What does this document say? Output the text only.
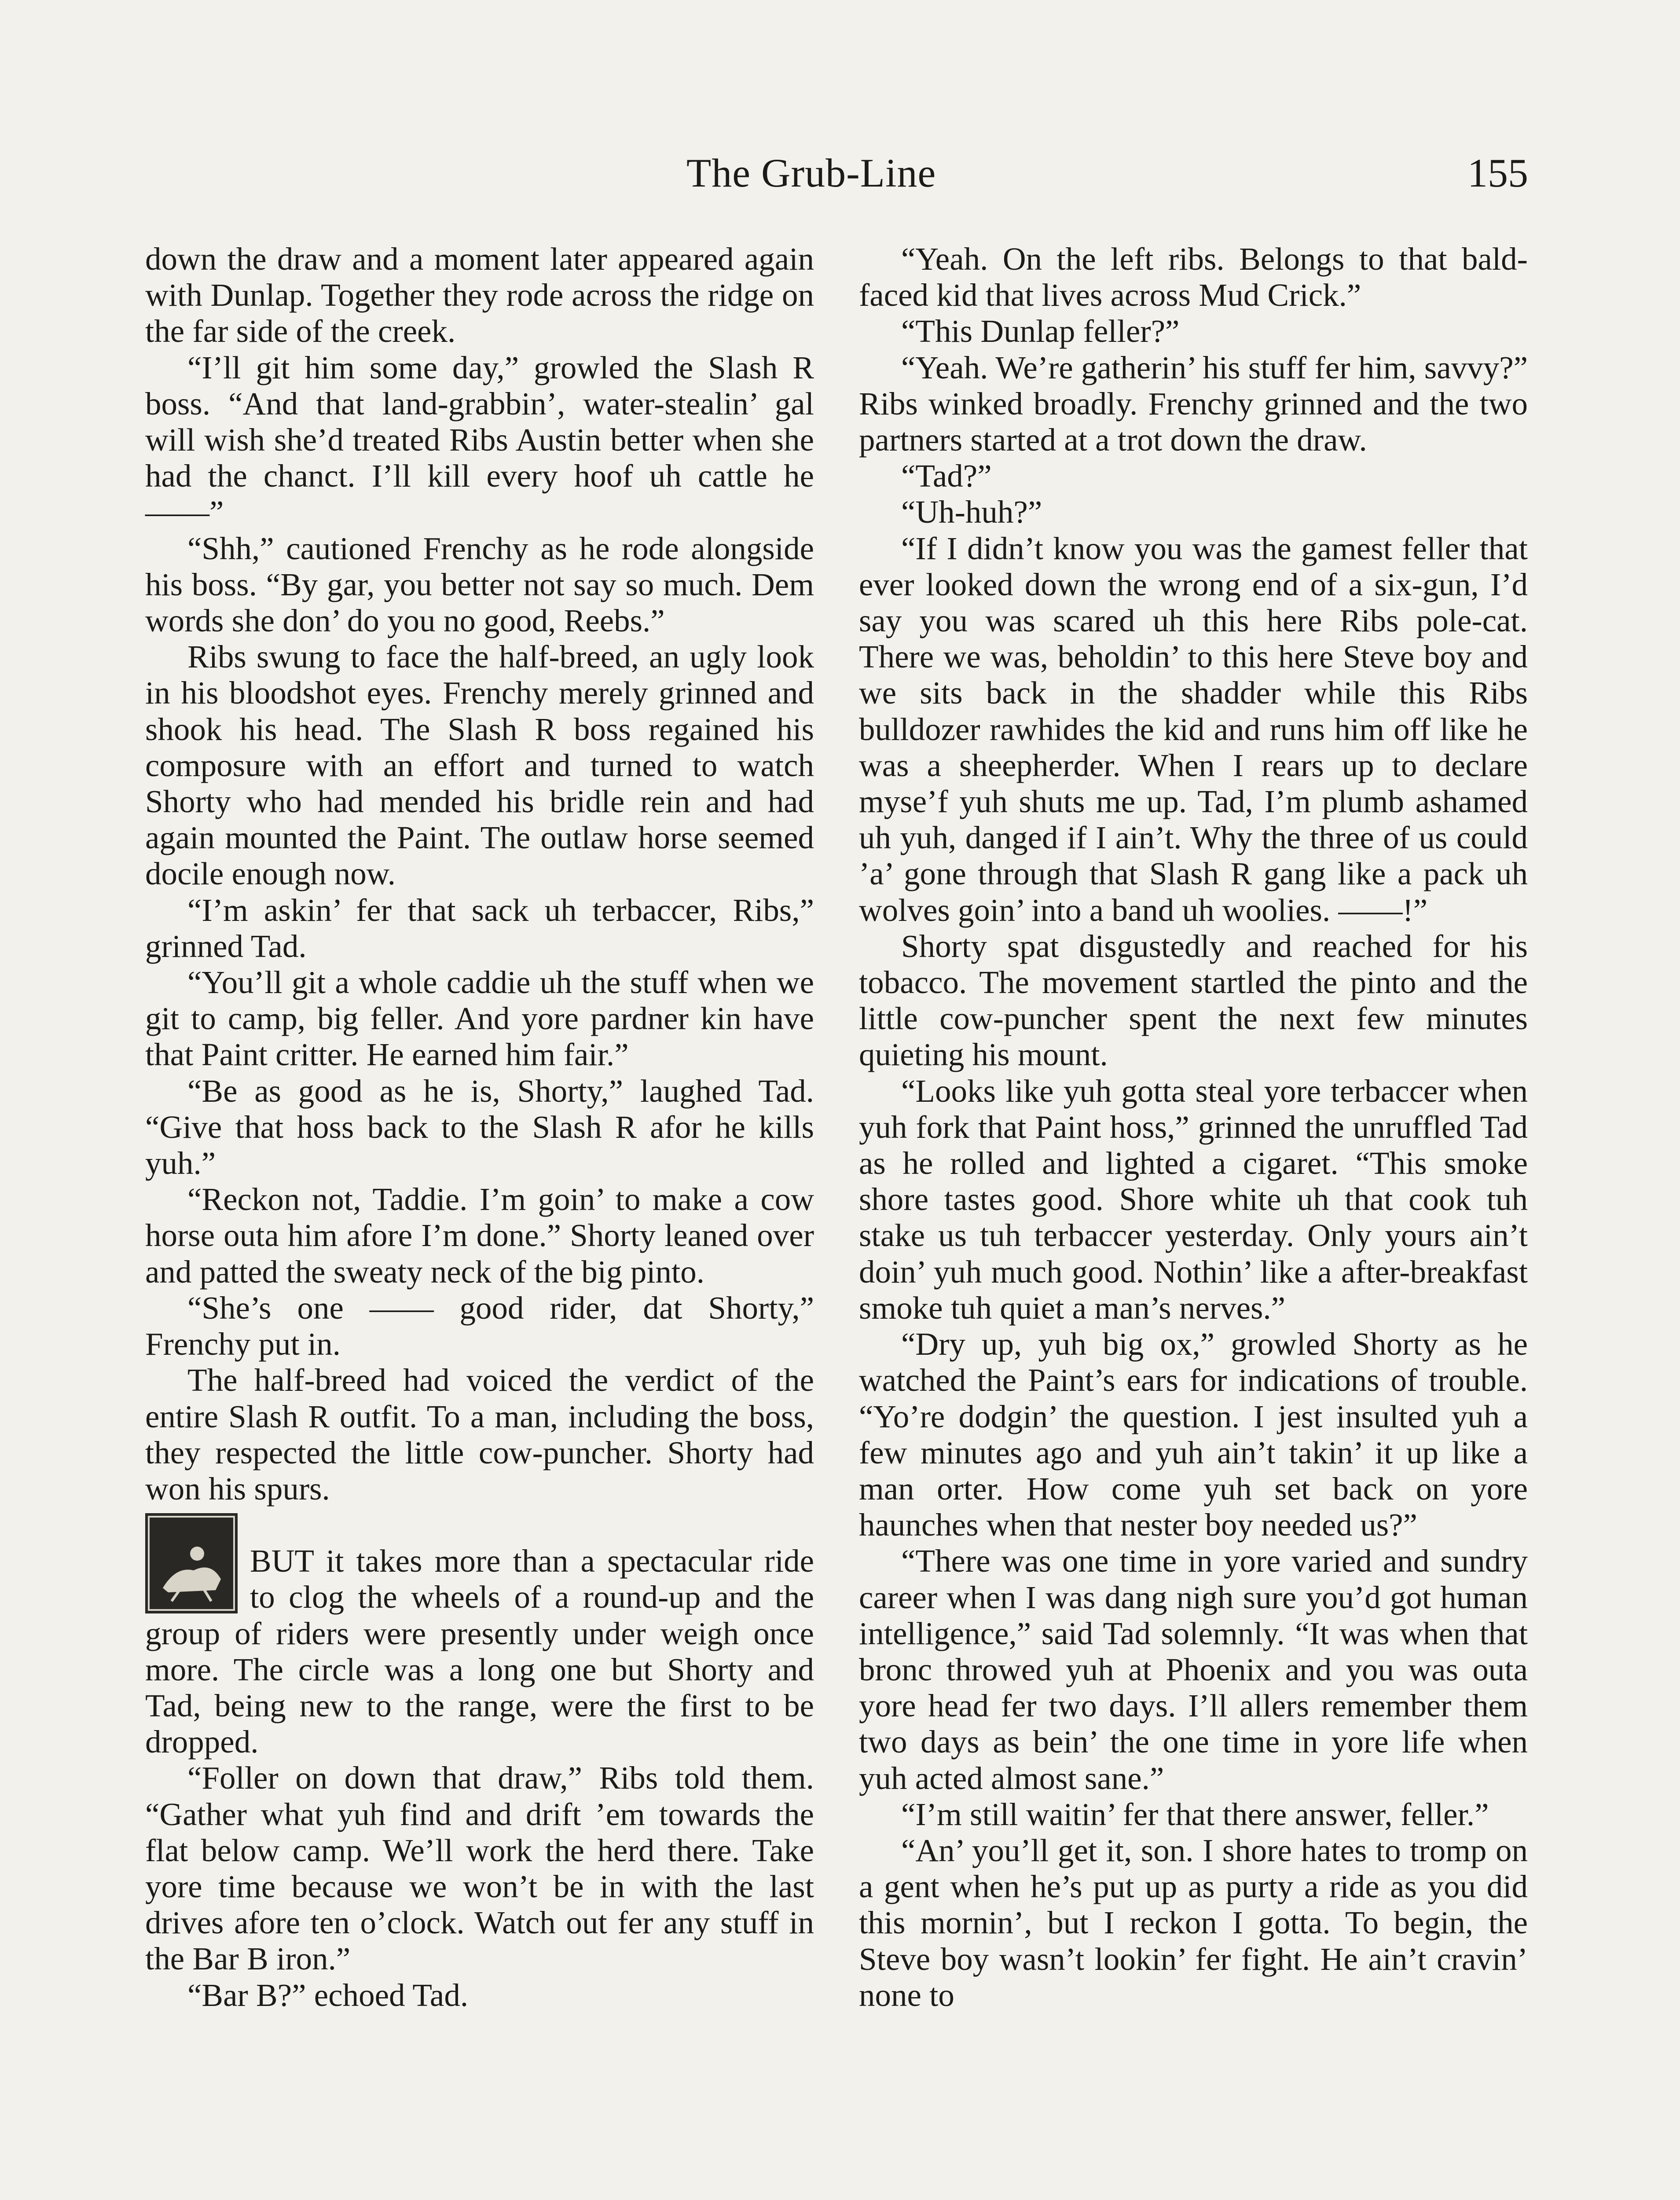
The Grub-Line	155

down the draw and a moment later appeared again with Dunlap. Together they rode across the ridge on the far side of the creek.

“I’ll git him some day,” growled the Slash R boss. “And that land-grabbin’, water-stealin’ gal will wish she’d treated Ribs Austin better when she had the chanct. I’ll kill every hoof uh cattle he ——”

“Shh,” cautioned Frenchy as he rode alongside his boss. “By gar, you better not say so much. Dem words she don’ do you no good, Reebs.”

Ribs swung to face the half-breed, an ugly look in his bloodshot eyes. Frenchy merely grinned and shook his head. The Slash R boss regained his composure with an effort and turned to watch Shorty who had mended his bridle rein and had again mounted the Paint. The outlaw horse seemed docile enough now.

“I’m askin’ fer that sack uh terbaccer, Ribs,” grinned Tad.

“You’ll git a whole caddie uh the stuff when we git to camp, big feller. And yore pardner kin have that Paint critter. He earned him fair.”

“Be as good as he is, Shorty,” laughed Tad. “Give that hoss back to the Slash R afor he kills yuh.”

“Reckon not, Taddie. I’m goin’ to make a cow horse outa him afore I’m done.” Shorty leaned over and patted the sweaty neck of the big pinto.

“She’s one —— good rider, dat Shorty,” Frenchy put in.

The half-breed had voiced the verdict of the entire Slash R outfit. To a man, including the boss, they respected the little cow-puncher. Shorty had won his spurs.

BUT it takes more than a spectacular ride to clog the wheels of a round-up and the group of riders were presently under weigh once more. The circle was a long one but Shorty and Tad, being new to the range, were the first to be dropped.

“Foller on down that draw,” Ribs told them. “Gather what yuh find and drift ’em towards the flat below camp. We’ll work the herd there. Take yore time because we won’t be in with the last drives afore ten o’clock. Watch out fer any stuff in the Bar B iron.”

“Bar B?” echoed Tad.

“Yeah. On the left ribs. Belongs to that bald-faced kid that lives across Mud Crick.”

“This Dunlap feller?”

“Yeah. We’re gatherin’ his stuff fer him, savvy?” Ribs winked broadly. Frenchy grinned and the two partners started at a trot down the draw.

“Tad?”

“Uh-huh?”

“If I didn’t know you was the gamest feller that ever looked down the wrong end of a six-gun, I’d say you was scared uh this here Ribs pole-cat. There we was, beholdin’ to this here Steve boy and we sits back in the shadder while this Ribs bulldozer rawhides the kid and runs him off like he was a sheepherder. When I rears up to declare myse’f yuh shuts me up. Tad, I’m plumb ashamed uh yuh, danged if I ain’t. Why the three of us could ’a’ gone through that Slash R gang like a pack uh wolves goin’ into a band uh woolies. ——!”

Shorty spat disgustedly and reached for his tobacco. The movement startled the pinto and the little cow-puncher spent the next few minutes quieting his mount.

“Looks like yuh gotta steal yore terbaccer when yuh fork that Paint hoss,” grinned the unruffled Tad as he rolled and lighted a cigaret. “This smoke shore tastes good. Shore white uh that cook tuh stake us tuh terbaccer yesterday. Only yours ain’t doin’ yuh much good. Nothin’ like a after-breakfast smoke tuh quiet a man’s nerves.”

“Dry up, yuh big ox,” growled Shorty as he watched the Paint’s ears for indications of trouble. “Yo’re dodgin’ the question. I jest insulted yuh a few minutes ago and yuh ain’t takin’ it up like a man orter. How come yuh set back on yore haunches when that nester boy needed us?”

“There was one time in yore varied and sundry career when I was dang nigh sure you’d got human intelligence,” said Tad solemnly. “It was when that bronc throwed yuh at Phoenix and you was outa yore head fer two days. I’ll allers remember them two days as bein’ the one time in yore life when yuh acted almost sane.”

“I’m still waitin’ fer that there answer, feller.”

“An’ you’ll get it, son. I shore hates to tromp on a gent when he’s put up as purty a ride as you did this mornin’, but I reckon I gotta. To begin, the Steve boy wasn’t lookin’ fer fight. He ain’t cravin’ none to
